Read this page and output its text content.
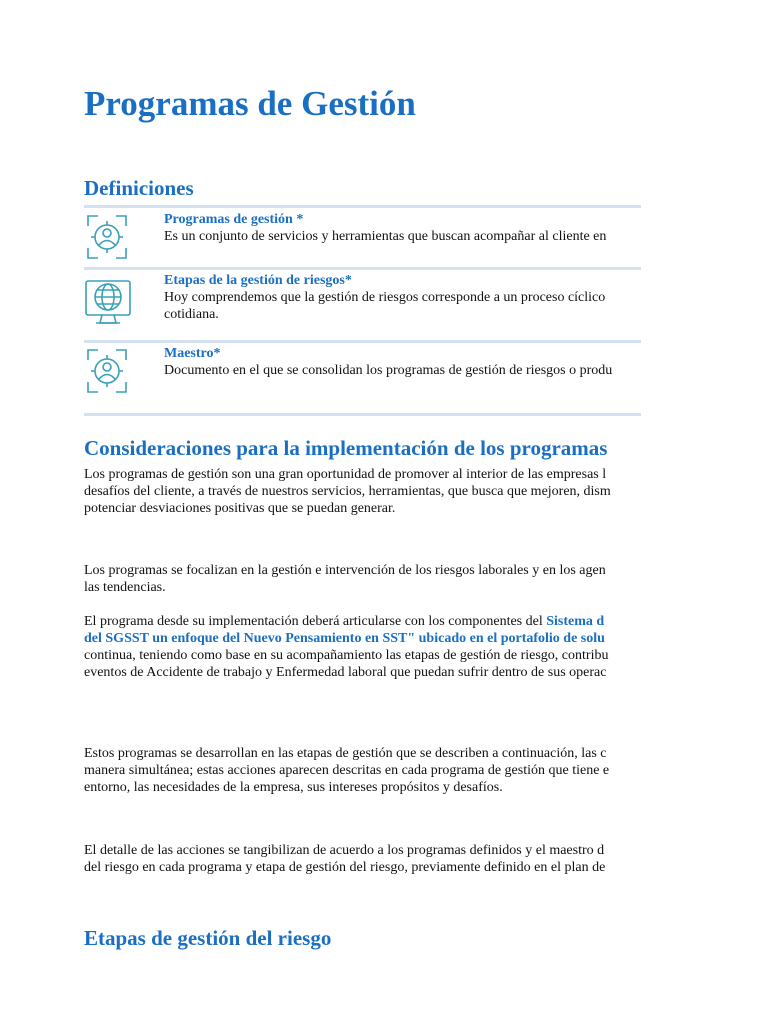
Programas de Gestión
Definiciones
Programas de gestión *
Es un conjunto de servicios y herramientas que buscan acompañar al cliente en
Etapas de la gestión de riesgos*
Hoy comprendemos que la gestión de riesgos corresponde a un proceso cíclico
cotidiana.
Maestro*
Documento en el que se consolidan los programas de gestión de riesgos o produ
Consideraciones para la implementación de los programas

Los programas de gestión son una gran oportunidad de promover al interior de las empresas l

desafíos del cliente, a través de nuestros servicios, herramientas, que busca que mejoren, dism

potenciar desviaciones positivas que se puedan generar.

Los programas se focalizan en la gestión e intervención de los riesgos laborales y en los agen

las tendencias.

El programa desde su implementación deberá articularse con los componentes del Sistema d

del SGSST un enfoque del Nuevo Pensamiento en SST" ubicado en el portafolio de solu

continua, teniendo como base en su acompañamiento las etapas de gestión de riesgo, contribu

eventos de Accidente de trabajo y Enfermedad laboral que puedan sufrir dentro de sus operac

Estos programas se desarrollan en las etapas de gestión que se describen a continuación, las c

manera simultánea; estas acciones aparecen descritas en cada programa de gestión que tiene e

entorno, las necesidades de la empresa, sus intereses propósitos y desafíos.

El detalle de las acciones se tangibilizan de acuerdo a los programas definidos y el maestro d

del riesgo en cada programa y etapa de gestión del riesgo, previamente definido en el plan de

Etapas de gestión del riesgo
